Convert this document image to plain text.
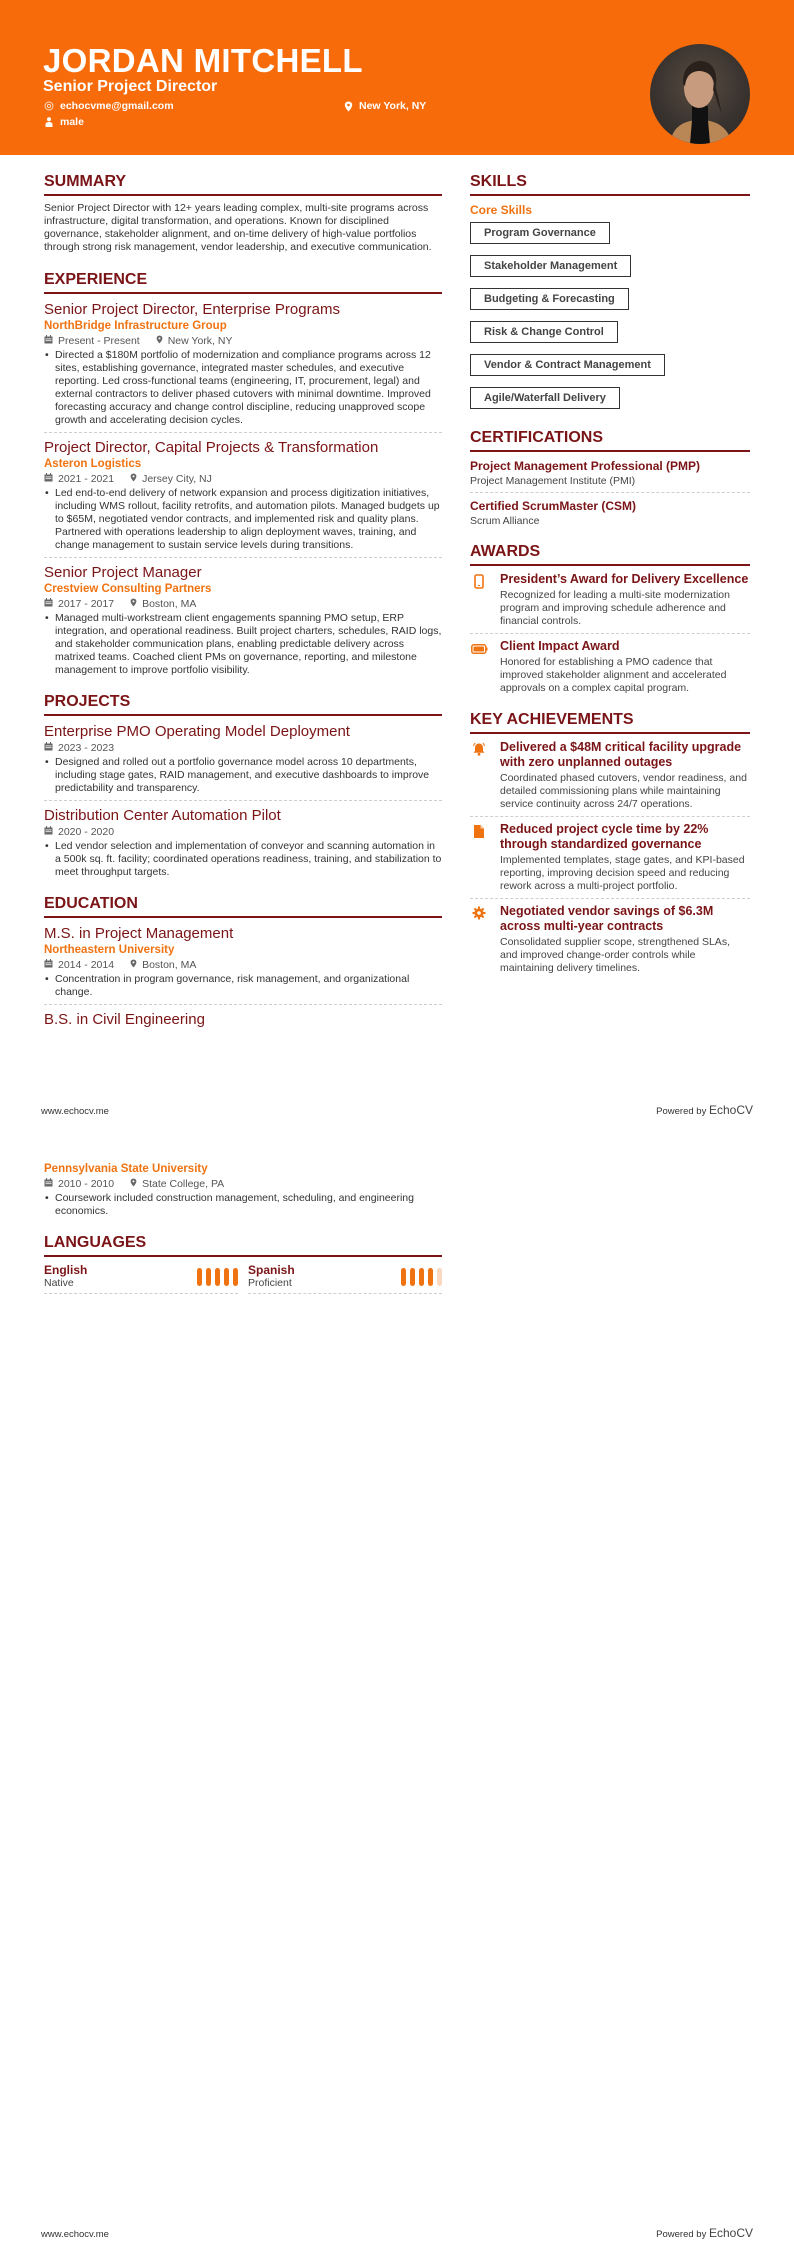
JORDAN MITCHELL
Senior Project Director
echocvme@gmail.com	New York, NY
male
SUMMARY

Senior Project Director with 12+ years leading complex, multi-site programs across infrastructure, digital transformation, and operations. Known for disciplined governance, stakeholder alignment, and on-time delivery of high-value portfolios through strong risk management, vendor leadership, and executive communication.

EXPERIENCE
Senior Project Director, Enterprise Programs
NorthBridge Infrastructure Group
Present - Present	New York, NY
• Directed a $180M portfolio of modernization and compliance programs across 12 sites, establishing governance, integrated master schedules, and executive reporting. Led cross-functional teams (engineering, IT, procurement, legal) and external contractors to deliver phased cutovers with minimal downtime. Improved forecasting accuracy and change control discipline, reducing unapproved scope growth and accelerating decision cycles.
Project Director, Capital Projects & Transformation
Asteron Logistics
2021 - 2021	Jersey City, NJ
• Led end-to-end delivery of network expansion and process digitization initiatives, including WMS rollout, facility retrofits, and automation pilots. Managed budgets up to $65M, negotiated vendor contracts, and implemented risk and quality plans. Partnered with operations leadership to align deployment waves, training, and change management to sustain service levels during transitions.
Senior Project Manager
Crestview Consulting Partners
2017 - 2017	Boston, MA
• Managed multi-workstream client engagements spanning PMO setup, ERP integration, and operational readiness. Built project charters, schedules, RAID logs, and stakeholder communication plans, enabling predictable delivery across matrixed teams. Coached client PMs on governance, reporting, and milestone management to improve portfolio visibility.
PROJECTS
Enterprise PMO Operating Model Deployment
2023 - 2023
• Designed and rolled out a portfolio governance model across 10 departments, including stage gates, RAID management, and executive dashboards to improve predictability and transparency.
Distribution Center Automation Pilot
2020 - 2020
• Led vendor selection and implementation of conveyor and scanning automation in a 500k sq. ft. facility; coordinated operations readiness, training, and stabilization to meet throughput targets.
EDUCATION
M.S. in Project Management
Northeastern University
2014 - 2014	Boston, MA
• Concentration in program governance, risk management, and organizational change.
B.S. in Civil Engineering
www.echocv.me	Powered by EchoCV
Pennsylvania State University
2010 - 2010	State College, PA
• Coursework included construction management, scheduling, and engineering economics.
LANGUAGES
English
Native
Spanish
Proficient
SKILLS
Core Skills
Program Governance
Stakeholder Management
Budgeting & Forecasting
Risk & Change Control
Vendor & Contract Management
Agile/Waterfall Delivery
CERTIFICATIONS
Project Management Professional (PMP)
Project Management Institute (PMI)
Certified ScrumMaster (CSM)
Scrum Alliance
AWARDS
President’s Award for Delivery Excellence
Recognized for leading a multi-site modernization program and improving schedule adherence and financial controls.
Client Impact Award
Honored for establishing a PMO cadence that improved stakeholder alignment and accelerated approvals on a complex capital program.
KEY ACHIEVEMENTS
Delivered a $48M critical facility upgrade with zero unplanned outages
Coordinated phased cutovers, vendor readiness, and detailed commissioning plans while maintaining service continuity across 24/7 operations.
Reduced project cycle time by 22% through standardized governance
Implemented templates, stage gates, and KPI-based reporting, improving decision speed and reducing rework across a multi-project portfolio.
Negotiated vendor savings of $6.3M across multi-year contracts
Consolidated supplier scope, strengthened SLAs, and improved change-order controls while maintaining delivery timelines.
www.echocv.me	Powered by EchoCV
